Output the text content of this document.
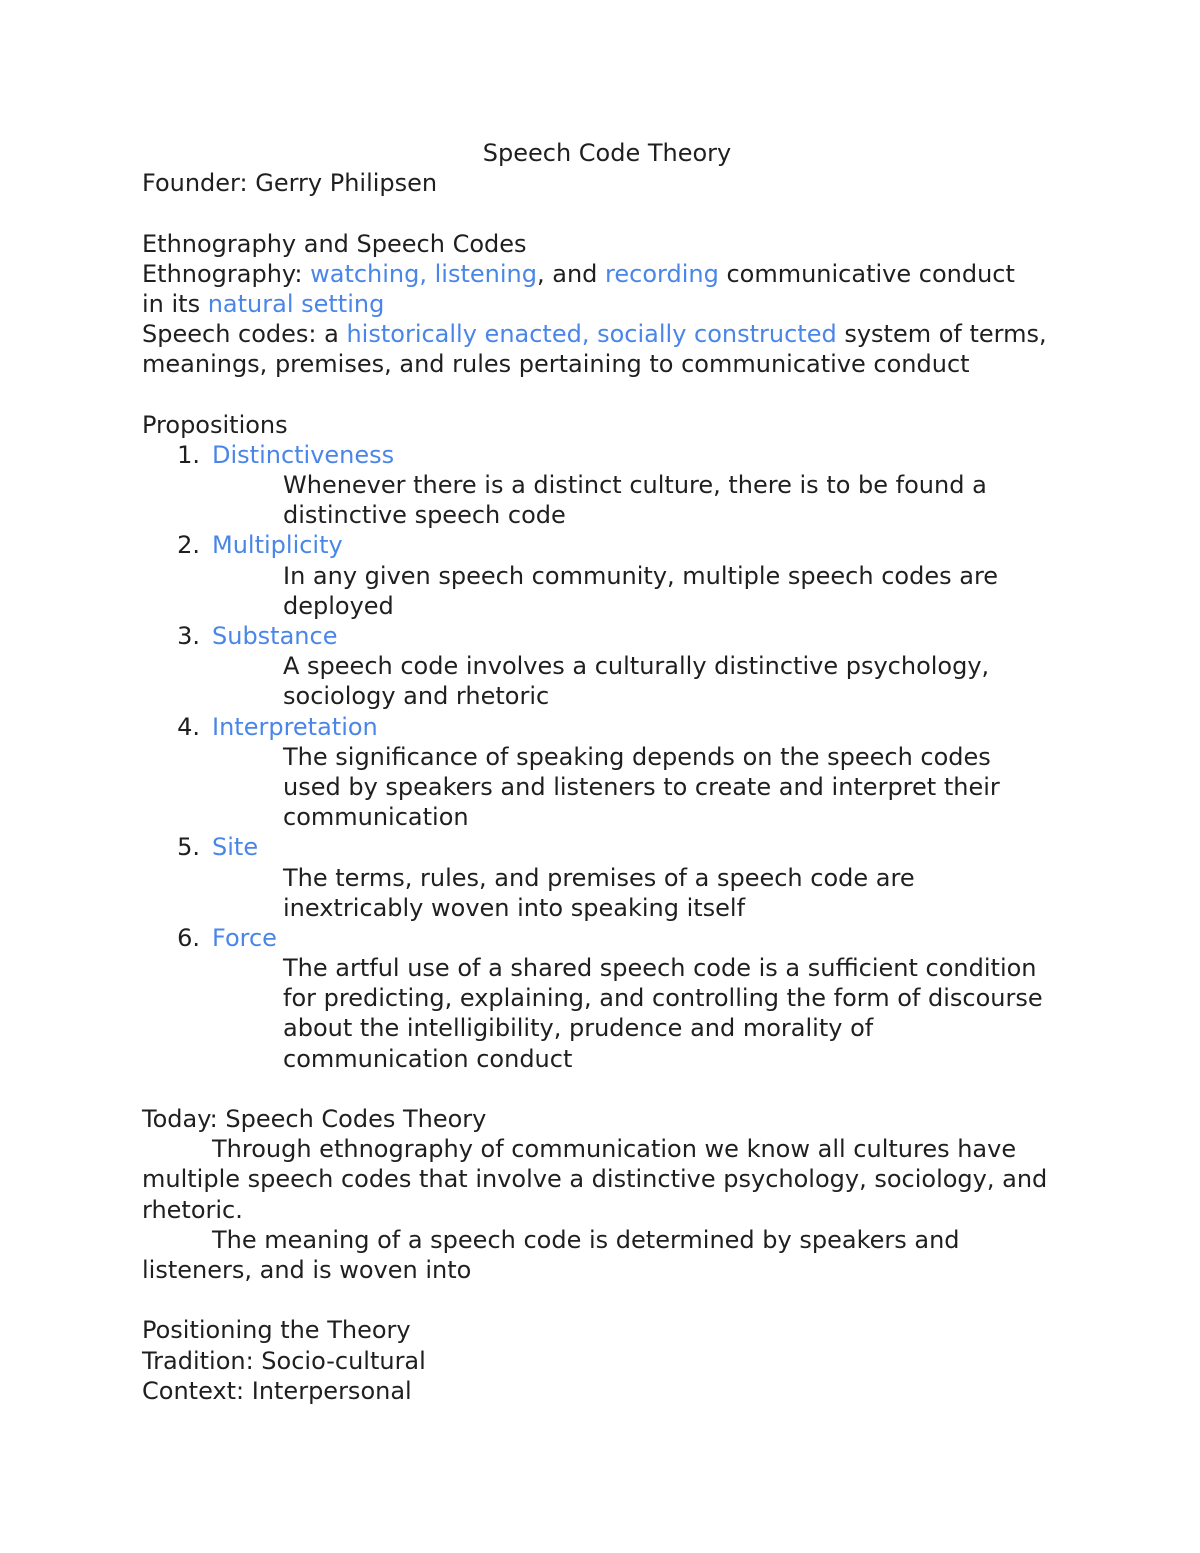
Speech Code Theory
Founder: Gerry Philipsen
Ethnography and Speech Codes
Ethnography: watching, listening, and recording communicative conduct
in its natural setting
Speech codes: a historically enacted, socially constructed system of terms,
meanings, premises, and rules pertaining to communicative conduct
Propositions
1. Distinctiveness
Whenever there is a distinct culture, there is to be found a
distinctive speech code
2. Multiplicity
In any given speech community, multiple speech codes are
deployed
3. Substance
A speech code involves a culturally distinctive psychology,
sociology and rhetoric
4. Interpretation
The significance of speaking depends on the speech codes
used by speakers and listeners to create and interpret their
communication
5. Site
The terms, rules, and premises of a speech code are
inextricably woven into speaking itself
6. Force
The artful use of a shared speech code is a sufficient condition
for predicting, explaining, and controlling the form of discourse
about the intelligibility, prudence and morality of
communication conduct
Today: Speech Codes Theory
Through ethnography of communication we know all cultures have
multiple speech codes that involve a distinctive psychology, sociology, and
rhetoric.
The meaning of a speech code is determined by speakers and
listeners, and is woven into
Positioning the Theory
Tradition: Socio-cultural
Context: Interpersonal
